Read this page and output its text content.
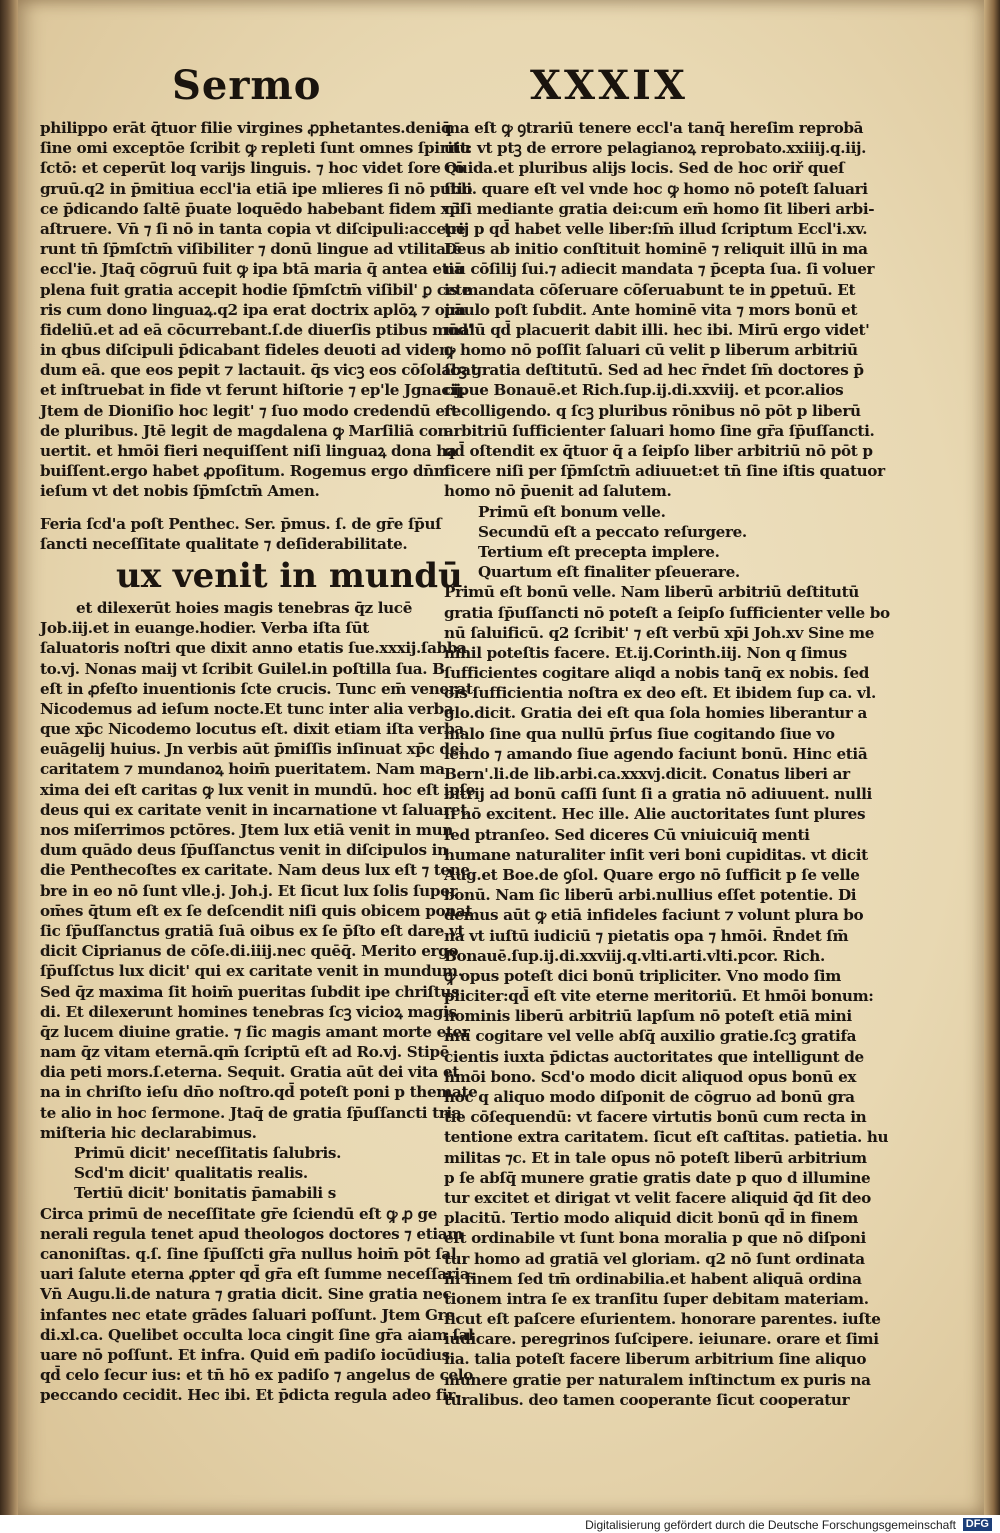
Sermo	XXXIX
philippo erāt q̄tuor filie virgines ꝓphetantes.deniq̄
ſine omi exceptōe ſcribit ꝙ repleti ſunt omnes ſpiritu
ſctō: et ceperūt loq varijs linguis. ⁊ hoc videt ſore cō
gruū.q2 in p̄mitiua eccl'ia etiā ipe mlieres ſi nō publi
ce p̄dicando ſaltē p̄uate loquēdo habebant fidem xp̄i
aſtruere. Vn̄ ⁊ ſi nō in tanta copia vt diſcipuli:accepe
runt tn̄ ſp̄mſctm̄ viſibiliter ⁊ donū lingue ad vtilitatē
eccl'ie. Jtaq̄ cōgruū fuit ꝙ ipa btā maria q̄ antea etiā
plena fuit gratia accepit hodie ſp̄mſctm̄ viſibil' ꝑ cete
ris cum dono linguaꝝ.q2 ipa erat doctrix aplōꝝ ⁊ oim̄
fideliū.et ad eā cōcurrebant.ſ.de diuerſis ptibus mōd'
in qbus diſcipuli p̄dicabant fideles deuoti ad viden-
dum eā. que eos pepit ⁊ lactauit. q̄s vicꝫ eos cōſolabat
et inſtruebat in fide vt ferunt hiſtorie ⁊ ep'le Jgnacij.
Jtem de Dioniſio hoc legit' ⁊ ſuo modo credendū eſt
de pluribus. Jtē legit de magdalena ꝙ Marſiliā con
uertit. et hmōi fieri nequiſſent niſi linguaꝝ dona ha
buiſſent.ergo habet ꝓpoſitum. Rogemus ergo dn̄m
ieſum vt det nobis ſp̄mſctm̄ Amen.
Feria ſcd'a poſt Penthec. Ser. p̄mus. ſ. de gr̄e ſp̄uſ
ſancti neceſſitate qualitate ⁊ deſiderabilitate.
ux venit in mundū
et dilexerūt hoies magis tenebras q̄z lucē
Job.iij.et in euange.hodier. Verba iſta ſūt
ſaluatoris noſtri que dixit anno etatis ſue.xxxij.ſabba
to.vj. Nonas maij vt ſcribit Guilel.in poſtilla ſua. B
eſt in ꝓfeſto inuentionis ſcte crucis. Tunc em̄ venerat
Nicodemus ad ieſum nocte.Et tunc inter alia verba
que xp̄c Nicodemo locutus eſt. dixit etiam iſta verba
euāgelij huius. Jn verbis aūt p̄miſſis inſinuat xp̄c dei
caritatem ⁊ mundanoꝝ hoim̄ pueritatem. Nam ma
xima dei eſt caritas ꝙ lux venit in mundū. hoc eſt ipſe
deus qui ex caritate venit in incarnatione vt ſaluaret
nos miſerrimos pctōres. Jtem lux etiā venit in mun
dum quādo deus ſp̄uſſanctus venit in diſcipulos in
die Penthecoſtes ex caritate. Nam deus lux eſt ⁊ tene
bre in eo nō ſunt vlle.j. Joh.j. Et ſicut lux ſolis ſuper
om̄es q̄tum eſt ex ſe deſcendit niſi quis obicem ponat
ſic ſp̄uſſanctus gratiā ſuā oibus ex ſe p̄ſto eſt dare vt
dicit Ciprianus de cōſe.di.iiij.nec quēq̄. Merito ergo
ſp̄uſſctus lux dicit' qui ex caritate venit in mundum.
Sed q̄z maxima ſit hoim̄ pueritas ſubdit ipe chriſtus
di. Et dilexerunt homines tenebras ſcꝫ vicioꝝ magis
q̄z lucem diuine gratie. ⁊ ſic magis amant morte eter
nam q̄z vitam eternā.qm̄ ſcriptū eſt ad Ro.vj. Stipē
dia peti mors.ſ.eterna. Sequit. Gratia aūt dei vita et
na in chriſto ieſu dn̄o noſtro.qd̄ poteſt poni p themate
te alio in hoc ſermone. Jtaq̄ de gratia ſp̄uſſancti tria
miſteria hic declarabimus.
Primū dicit' neceſſitatis ſalubris.
Scd'm dicit' qualitatis realis.
Tertiū dicit' bonitatis p̄amabili s
Circa primū de neceſſitate gr̄e ſciendū eſt ꝙ ꝓ ge
nerali regula tenet apud theologos doctores ⁊ etiam
canoniſtas. q.ſ. ſine ſp̄uſſcti gr̄a nullus hoim̄ pōt ſal
uari ſalute eterna ꝓpter qd̄ gr̄a eſt ſumme neceſſaria.
Vn̄ Augu.li.de natura ⁊ gratia dicit. Sine gratia nec
infantes nec etate grādes ſaluari poſſunt. Jtem Gre.
di.xl.ca. Quelibet occulta loca cingit ſine gr̄a aiam ſal
uare nō poſſunt. Et infra. Quid em̄ padiſo iocūdius.
qd̄ celo ſecur ius: et tn̄ hō ex padiſo ⁊ angelus de celo
peccando cecidit. Hec ibi. Et p̄dicta regula adeo fir-
ma eſt ꝙ ꝯtrariū tenere eccl'a tanq̄ hereſim reprobā
uit: vt ptꝫ de errore pelagianoꝝ reprobato.xxiiij.q.iij.
Quida.et pluribus alijs locis. Sed de hoc oriř queſ
ſtio. quare eſt vel vnde hoc ꝙ homo nō poteſt ſaluari
niſi mediante gratia dei:cum em̄ homo ſit liberi arbi-
trij p qd̄ habet velle liber:ſm̄ illud ſcriptum Eccl'i.xv.
Deus ab initio conſtituit hominē ⁊ reliquit illū in ma
nu cōſilij ſui.⁊ adiecit mandata ⁊ p̄cepta ſua. ſi voluer
is mandata cōſeruare cōſeruabunt te in ꝑpetuū. Et
paulo poſt ſubdit. Ante hominē vita ⁊ mors bonū et
malū qd̄ placuerit dabit illi. hec ibi. Mirū ergo videt'
ꝙ homo nō poſſit ſaluari cū velit p liberum arbitriū
ſcꝫ gratia deſtitutū. Sed ad hec r̄ndet ſm̄ doctores p̄
cipue Bonauē.et Rich.ſup.ij.di.xxviij. et pcor.alios
recolligendo. q ſcꝫ pluribus rōnibus nō pōt p liberū
arbitriū ſufficienter ſaluari homo ſine gr̄a ſp̄uſſancti.
qd̄ oſtendit ex q̄tuor q̄ a ſeipſo liber arbitriū nō pōt p
ficere niſi per ſp̄mſctm̄ adiuuet:et tn̄ ſine iſtis quatuor
homo nō p̄uenit ad ſalutem.
Primū eſt bonum velle.
Secundū eſt a peccato reſurgere.
Tertium eſt precepta implere.
Quartum eſt finaliter pſeuerare.
Primū eſt bonū velle. Nam liberū arbitriū deſtitutū
gratia ſp̄uſſancti nō poteſt a ſeipſo ſufficienter velle bo
nū ſaluificū. q2 ſcribit' ⁊ eſt verbū xp̄i Joh.xv Sine me
nihil poteſtis facere. Et.ij.Corinth.iij. Non q ſimus
ſufficientes cogitare aliqd a nobis tanq̄ ex nobis. ſed
ois ſufficientia noſtra ex deo eſt. Et ibidem ſup ca. vl.
glo.dicit. Gratia dei eſt qua ſola homies liberantur a
malo ſine qua nullū p̄rſus ſiue cogitando ſiue vo
lendo ⁊ amando ſiue agendo faciunt bonū. Hinc etiā
Bern'.li.de lib.arbi.ca.xxxvj.dicit. Conatus liberi ar
bitrij ad bonū caſſi ſunt ſi a gratia nō adiuuent. nulli
ſi nō excitent. Hec ille. Alie auctoritates ſunt plures
ſed ptranſeo. Sed diceres Cū vniuicuiq̄ menti
humane naturaliter inſit veri boni cupiditas. vt dicit
Aug.et Boe.de ꝯſol. Quare ergo nō ſufficit p ſe velle
bonū. Nam ſic liberū arbi.nullius eſſet potentie. Di
demus aūt ꝙ etiā infideles faciunt ⁊ volunt plura bo
na vt iuſtū iudiciū ⁊ pietatis opa ⁊ hmōi. R̄ndet ſm̄
Bonauē.ſup.ij.di.xxviij.q.vlti.arti.vlti.pcor. Rich.
ꝙ opus poteſt dici bonū tripliciter. Vno modo ſim
pliciter:qd̄ eſt vite eterne meritoriū. Et hmōi bonum:
hominis liberū arbitriū lapſum nō poteſt etiā mini
mū cogitare vel velle abſq̄ auxilio gratie.ſcꝫ gratifa
cientis iuxta p̄dictas auctoritates que intelligunt de
hmōi bono. Scd'o modo dicit aliquod opus bonū ex
hoc q aliquo modo diſponit de cōgruo ad bonū gra
tie cōſequendū: vt facere virtutis bonū cum recta in
tentione extra caritatem. ſicut eſt caſtitas. patietia. hu
militas ⁊c. Et in tale opus nō poteſt liberū arbitrium
p ſe abſq̄ munere gratie gratis date p quo d illumine
tur excitet et dirigat vt velit facere aliquid q̄d ſit deo
placitū. Tertio modo aliquid dicit bonū qd̄ in finem
eſt ordinabile vt ſunt bona moralia p que nō diſponi
tur homo ad gratiā vel gloriam. q2 nō ſunt ordinata
in finem ſed tm̄ ordinabilia.et habent aliquā ordina
tionem intra ſe ex tranſitu ſuper debitam materiam.
ſicut eſt paſcere eſurientem. honorare parentes. iuſte
iudicare. peregrinos ſuſcipere. ieiunare. orare et ſimi
lia. talia poteſt facere liberum arbitrium ſine aliquo
munere gratie per naturalem inſtinctum ex puris na
turalibus. deo tamen cooperante ſicut cooperatur
Digitalisierung gefördert durch die Deutsche Forschungsgemeinschaft DFG
